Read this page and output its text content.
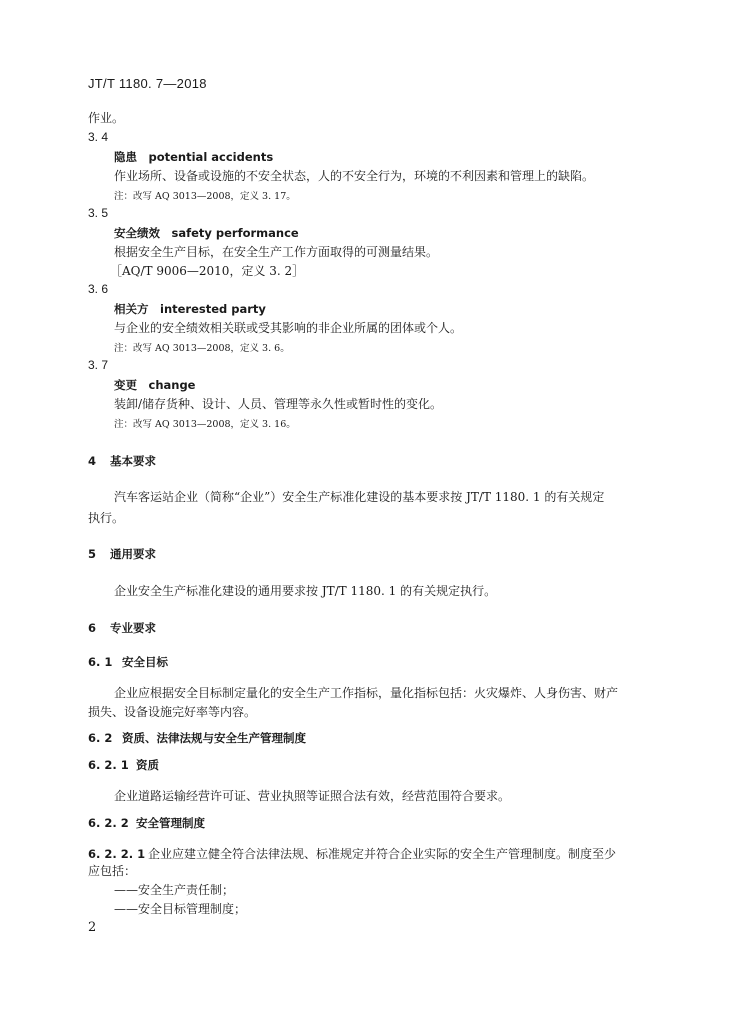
JT/T 1180. 7—2018
作业。
3. 4
隐患　potential accidents
作业场所、设备或设施的不安全状态，人的不安全行为，环境的不利因素和管理上的缺陷。
注：改写 AQ 3013—2008，定义 3. 17。
3. 5
安全绩效　safety performance
根据安全生产目标，在安全生产工作方面取得的可测量结果。
［AQ/T 9006—2010，定义 3. 2］
3. 6
相关方　interested party
与企业的安全绩效相关联或受其影响的非企业所属的团体或个人。
注：改写 AQ 3013—2008，定义 3. 6。
3. 7
变更　change
装卸/储存货种、设计、人员、管理等永久性或暂时性的变化。
注：改写 AQ 3013—2008，定义 3. 16。
4 基本要求
汽车客运站企业（简称“企业”）安全生产标准化建设的基本要求按 JT/T 1180. 1 的有关规定
执行。
5 通用要求
企业安全生产标准化建设的通用要求按 JT/T 1180. 1 的有关规定执行。
6 专业要求
6. 1 安全目标
企业应根据安全目标制定量化的安全生产工作指标，量化指标包括：火灾爆炸、人身伤害、财产
损失、设备设施完好率等内容。
6. 2 资质、法律法规与安全生产管理制度
6. 2. 1 资质
企业道路运输经营许可证、营业执照等证照合法有效，经营范围符合要求。
6. 2. 2 安全管理制度
6. 2. 2. 1 企业应建立健全符合法律法规、标准规定并符合企业实际的安全生产管理制度。制度至少
应包括：
——安全生产责任制；
——安全目标管理制度；
2
